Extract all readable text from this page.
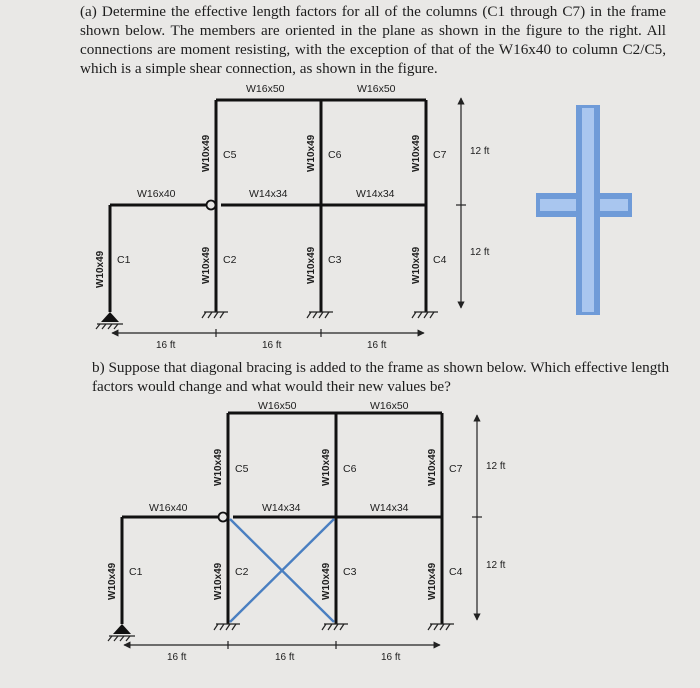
(a) Determine the effective length factors for all of the columns (C1 through C7) in the frame shown below. The members are oriented in the plane as shown in the figure to the right. All connections are moment resisting, with the exception of that of the W16x40 to column C2/C5, which is a simple shear connection, as shown in the figure.

b) Suppose that diagonal bracing is added to the frame as shown below. Which effective length factors would change and what would their new values be?

W16x50	W16x50
W16x40	W14x34	W14x34
W10x49	W10x49
W10x49
W10x49
W10x49
W10x49
W10x49
C1	C2
C5
C3
C6
C4
C7
16 ft	16 ft	16 ft
12 ft
12 ft
W16x50	W16x50
W16x40	W14x34	W14x34
W10x49	W10x49
W10x49
W10x49
W10x49
W10x49
W10x49
C1	C2
C5
C3
C6
C4
C7
16 ft	16 ft	16 ft
12 ft
12 ft
